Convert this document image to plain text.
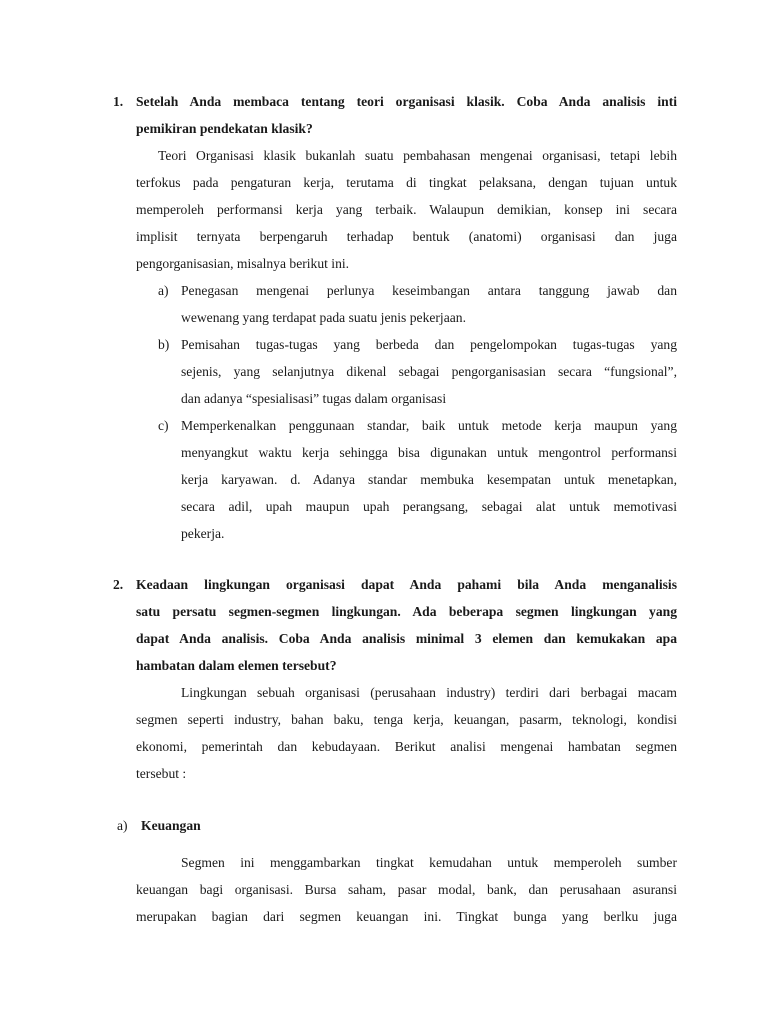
1. Setelah Anda membaca tentang teori organisasi klasik. Coba Anda analisis inti
pemikiran pendekatan klasik?
Teori Organisasi klasik bukanlah suatu pembahasan mengenai organisasi, tetapi lebih
terfokus pada pengaturan kerja, terutama di tingkat pelaksana, dengan tujuan untuk
memperoleh performansi kerja yang terbaik. Walaupun demikian, konsep ini secara
implisit ternyata berpengaruh terhadap bentuk (anatomi) organisasi dan juga
pengorganisasian, misalnya berikut ini.
a) Penegasan mengenai perlunya keseimbangan antara tanggung jawab dan
wewenang yang terdapat pada suatu jenis pekerjaan.
b) Pemisahan tugas-tugas yang berbeda dan pengelompokan tugas-tugas yang
sejenis, yang selanjutnya dikenal sebagai pengorganisasian secara “fungsional”,
dan adanya “spesialisasi” tugas dalam organisasi
c) Memperkenalkan penggunaan standar, baik untuk metode kerja maupun yang
menyangkut waktu kerja sehingga bisa digunakan untuk mengontrol performansi
kerja karyawan. d. Adanya standar membuka kesempatan untuk menetapkan,
secara adil, upah maupun upah perangsang, sebagai alat untuk memotivasi
pekerja.
2. Keadaan lingkungan organisasi dapat Anda pahami bila Anda menganalisis
satu persatu segmen-segmen lingkungan. Ada beberapa segmen lingkungan yang
dapat Anda analisis. Coba Anda analisis minimal 3 elemen dan kemukakan apa
hambatan dalam elemen tersebut?
Lingkungan sebuah organisasi (perusahaan industry) terdiri dari berbagai macam
segmen seperti industry, bahan baku, tenga kerja, keuangan, pasarm, teknologi, kondisi
ekonomi, pemerintah dan kebudayaan. Berikut analisi mengenai hambatan segmen
tersebut :
a) Keuangan
Segmen ini menggambarkan tingkat kemudahan untuk memperoleh sumber
keuangan bagi organisasi. Bursa saham, pasar modal, bank, dan perusahaan asuransi
merupakan bagian dari segmen keuangan ini. Tingkat bunga yang berlku juga
